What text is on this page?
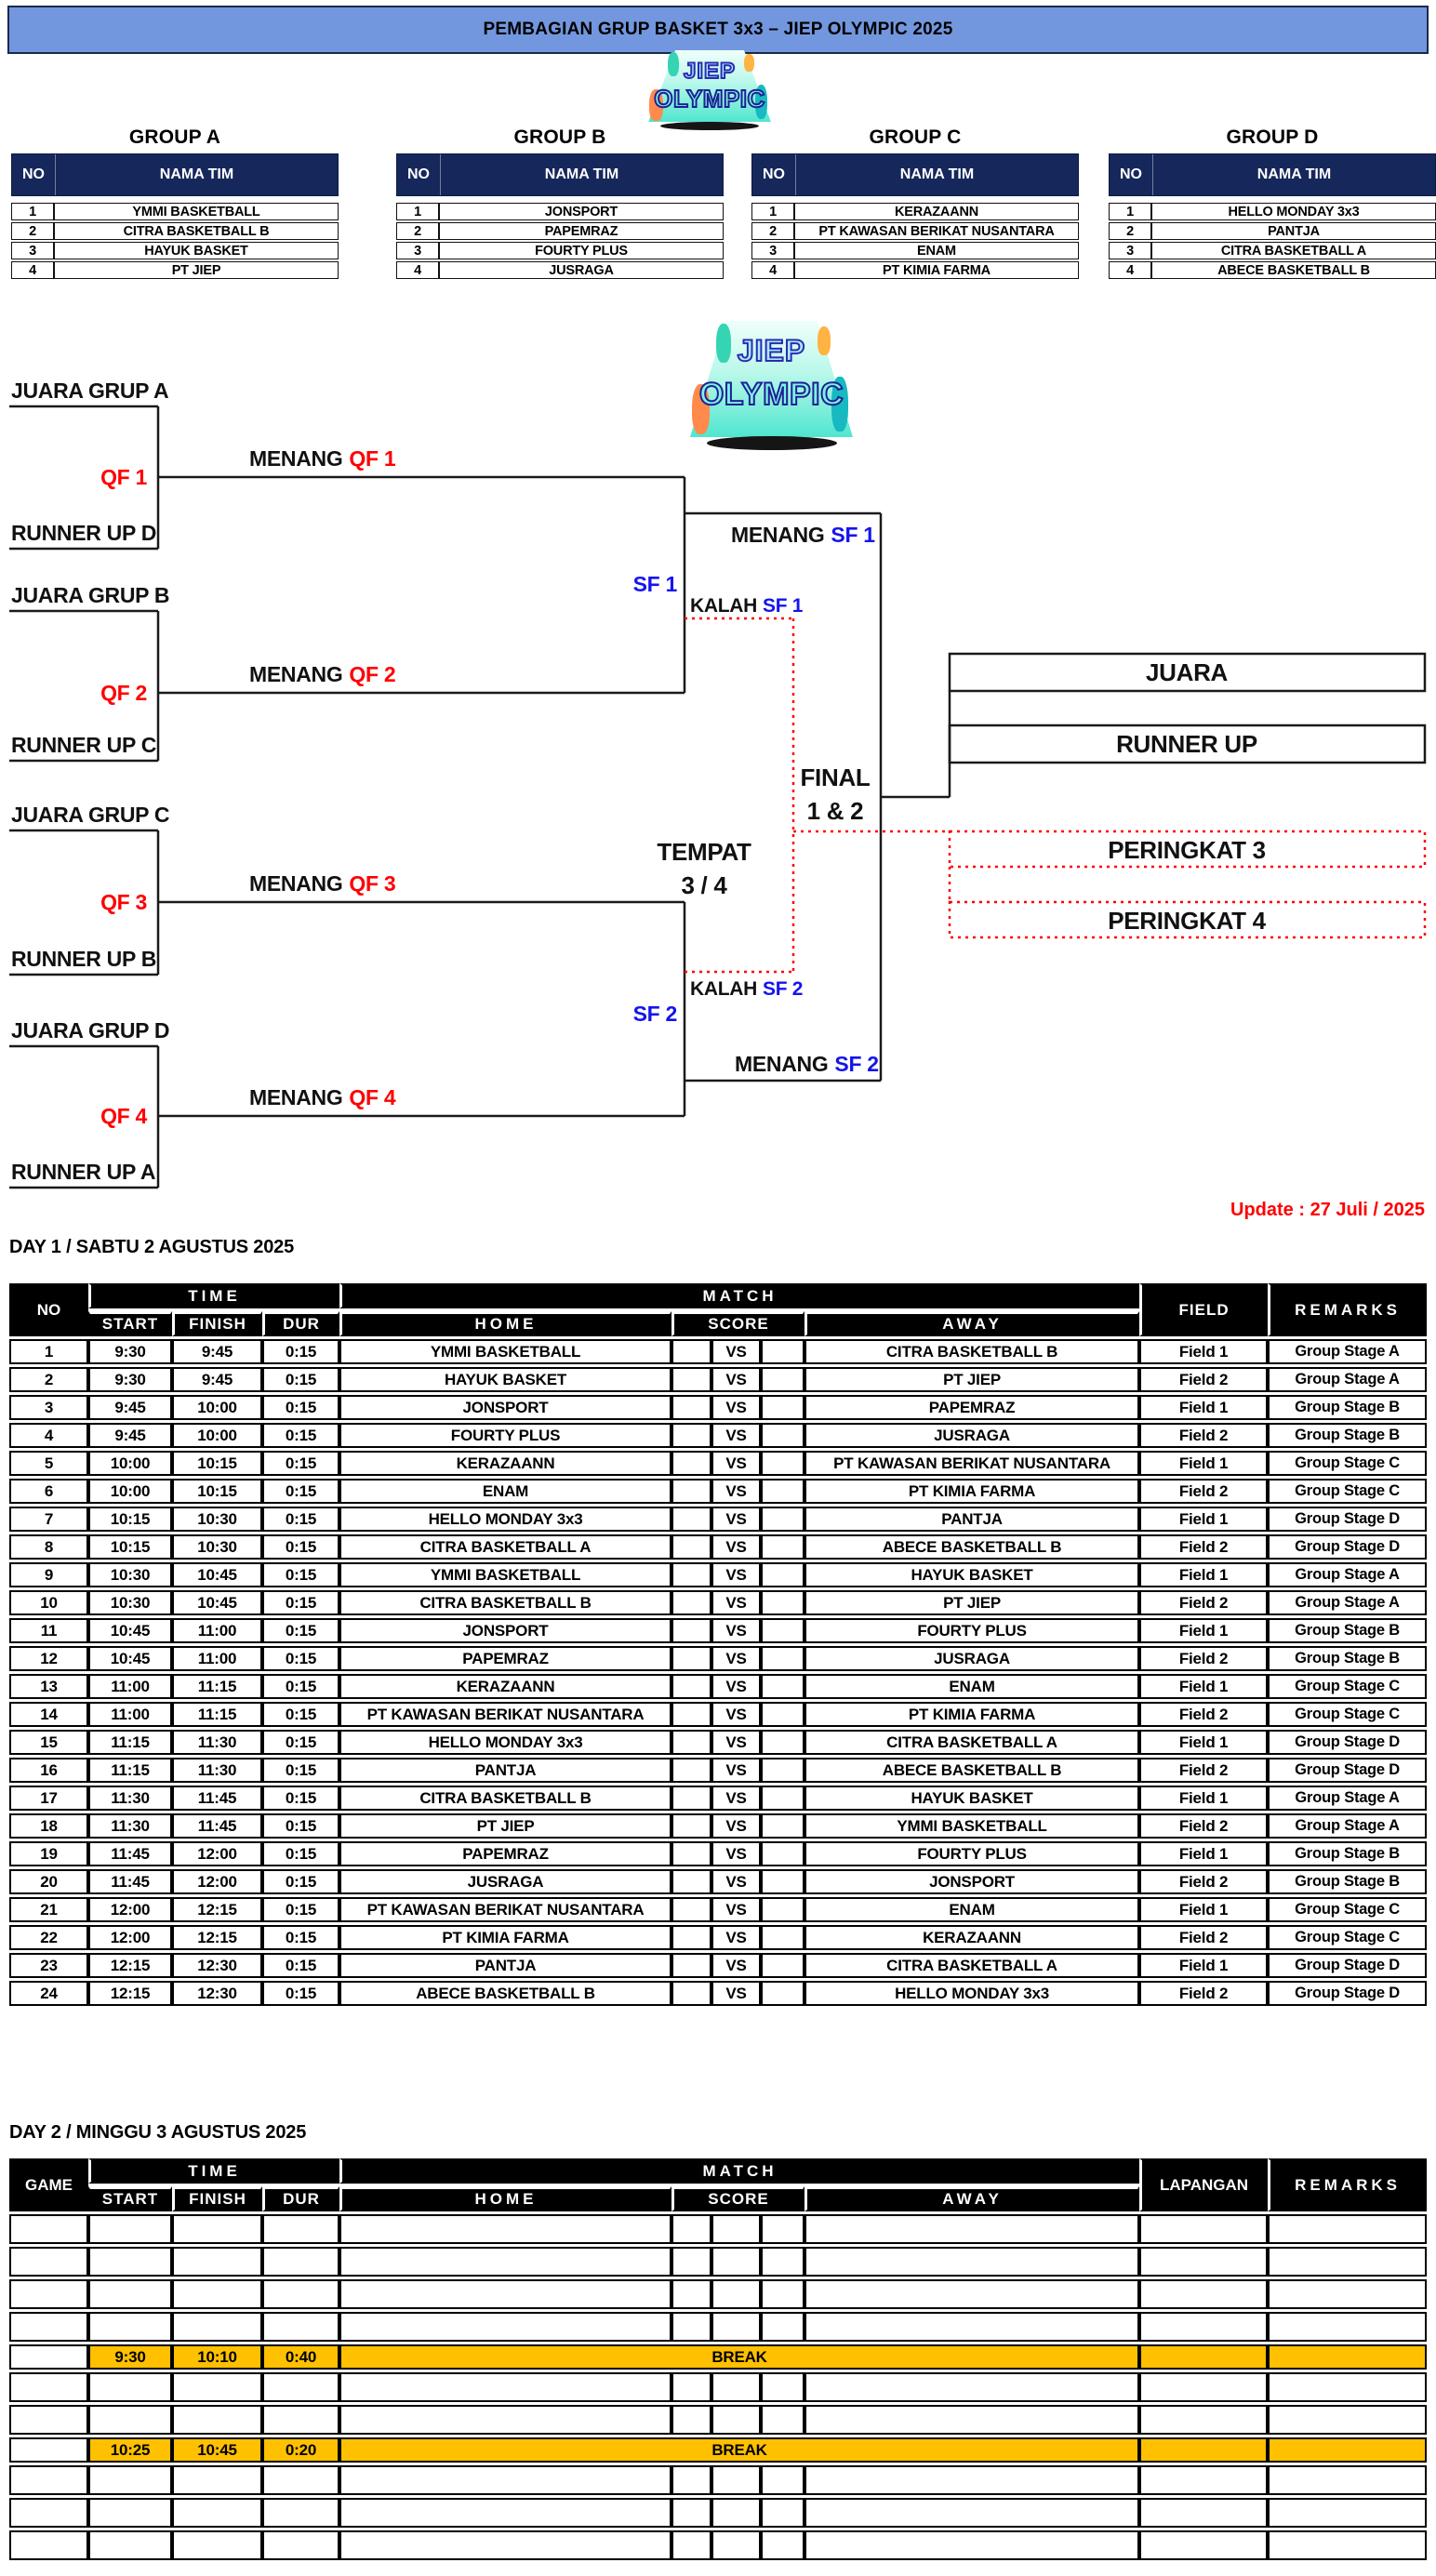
PEMBAGIAN GRUP BASKET 3x3 – JIEP OLYMPIC 2025
JIEP
OLYMPIC
GROUP A
NO	NAMA TIM
1	YMMI BASKETBALL
2	CITRA BASKETBALL B
3	HAYUK BASKET
4	PT JIEP
GROUP B
NO	NAMA TIM
1	JONSPORT
2	PAPEMRAZ
3	FOURTY PLUS
4	JUSRAGA
GROUP C
NO	NAMA TIM
1	KERAZAANN
2	PT KAWASAN BERIKAT NUSANTARA
3	ENAM
4	PT KIMIA FARMA
GROUP D
NO	NAMA TIM
1	HELLO MONDAY 3x3
2	PANTJA
3	CITRA BASKETBALL A
4	ABECE BASKETBALL B
JUARA GRUP A
RUNNER UP D
JUARA GRUP B
RUNNER UP C
JUARA GRUP C
RUNNER UP B
JUARA GRUP D
RUNNER UP A
QF 1
QF 2
QF 3
QF 4
MENANG QF 1
MENANG QF 2
MENANG QF 3
MENANG QF 4
SF 1
SF 2
KALAH SF 1
KALAH SF 2
MENANG SF 1
MENANG SF 2
FINAL
1 & 2
TEMPAT
3 / 4
JUARA
RUNNER UP
PERINGKAT 3
PERINGKAT 4
JIEP
OLYMPIC
Update : 27 Juli / 2025
DAY 1 / SABTU 2 AGUSTUS 2025
DAY 2 / MINGGU 3 AGUSTUS 2025
NO	TIME			MATCH					FIELD	REMARKS
	START	FINISH	DUR	HOME	SCORE			AWAY		
1	9:30	9:45	0:15	YMMI BASKETBALL		VS		CITRA BASKETBALL B	Field 1	Group Stage A
2	9:30	9:45	0:15	HAYUK BASKET		VS		PT JIEP	Field 2	Group Stage A
3	9:45	10:00	0:15	JONSPORT		VS		PAPEMRAZ	Field 1	Group Stage B
4	9:45	10:00	0:15	FOURTY PLUS		VS		JUSRAGA	Field 2	Group Stage B
5	10:00	10:15	0:15	KERAZAANN		VS		PT KAWASAN BERIKAT NUSANTARA	Field 1	Group Stage C
6	10:00	10:15	0:15	ENAM		VS		PT KIMIA FARMA	Field 2	Group Stage C
7	10:15	10:30	0:15	HELLO MONDAY 3x3		VS		PANTJA	Field 1	Group Stage D
8	10:15	10:30	0:15	CITRA BASKETBALL A		VS		ABECE BASKETBALL B	Field 2	Group Stage D
9	10:30	10:45	0:15	YMMI BASKETBALL		VS		HAYUK BASKET	Field 1	Group Stage A
10	10:30	10:45	0:15	CITRA BASKETBALL B		VS		PT JIEP	Field 2	Group Stage A
11	10:45	11:00	0:15	JONSPORT		VS		FOURTY PLUS	Field 1	Group Stage B
12	10:45	11:00	0:15	PAPEMRAZ		VS		JUSRAGA	Field 2	Group Stage B
13	11:00	11:15	0:15	KERAZAANN		VS		ENAM	Field 1	Group Stage C
14	11:00	11:15	0:15	PT KAWASAN BERIKAT NUSANTARA		VS		PT KIMIA FARMA	Field 2	Group Stage C
15	11:15	11:30	0:15	HELLO MONDAY 3x3		VS		CITRA BASKETBALL A	Field 1	Group Stage D
16	11:15	11:30	0:15	PANTJA		VS		ABECE BASKETBALL B	Field 2	Group Stage D
17	11:30	11:45	0:15	CITRA BASKETBALL B		VS		HAYUK BASKET	Field 1	Group Stage A
18	11:30	11:45	0:15	PT JIEP		VS		YMMI BASKETBALL	Field 2	Group Stage A
19	11:45	12:00	0:15	PAPEMRAZ		VS		FOURTY PLUS	Field 1	Group Stage B
20	11:45	12:00	0:15	JUSRAGA		VS		JONSPORT	Field 2	Group Stage B
21	12:00	12:15	0:15	PT KAWASAN BERIKAT NUSANTARA		VS		ENAM	Field 1	Group Stage C
22	12:00	12:15	0:15	PT KIMIA FARMA		VS		KERAZAANN	Field 2	Group Stage C
23	12:15	12:30	0:15	PANTJA		VS		CITRA BASKETBALL A	Field 1	Group Stage D
24	12:15	12:30	0:15	ABECE BASKETBALL B		VS		HELLO MONDAY 3x3	Field 2	Group Stage D
GAME	TIME			MATCH					LAPANGAN	REMARKS
	START	FINISH	DUR	HOME	SCORE			AWAY		

	9:30	10:10	0:40	BREAK						

	10:25	10:45	0:20	BREAK						
